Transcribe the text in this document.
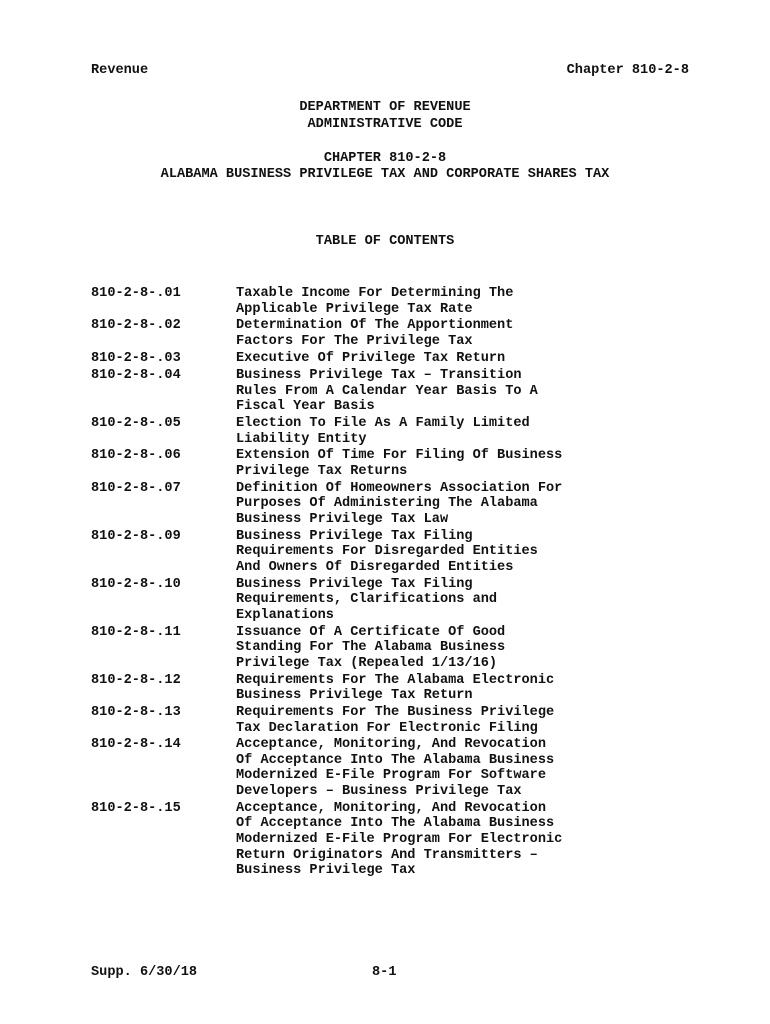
Revenue	Chapter 810-2-8
DEPARTMENT OF REVENUE
ADMINISTRATIVE CODE
CHAPTER 810-2-8
ALABAMA BUSINESS PRIVILEGE TAX AND CORPORATE SHARES TAX
TABLE OF CONTENTS
810-2-8-.01	Taxable Income For Determining The
Applicable Privilege Tax Rate
810-2-8-.02	Determination Of The Apportionment
Factors For The Privilege Tax
810-2-8-.03	Executive Of Privilege Tax Return
810-2-8-.04	Business Privilege Tax – Transition
Rules From A Calendar Year Basis To A
Fiscal Year Basis
810-2-8-.05	Election To File As A Family Limited
Liability Entity
810-2-8-.06	Extension Of Time For Filing Of Business
Privilege Tax Returns
810-2-8-.07	Definition Of Homeowners Association For
Purposes Of Administering The Alabama
Business Privilege Tax Law
810-2-8-.09	Business Privilege Tax Filing
Requirements For Disregarded Entities
And Owners Of Disregarded Entities
810-2-8-.10	Business Privilege Tax Filing
Requirements, Clarifications and
Explanations
810-2-8-.11	Issuance Of A Certificate Of Good
Standing For The Alabama Business
Privilege Tax (Repealed 1/13/16)
810-2-8-.12	Requirements For The Alabama Electronic
Business Privilege Tax Return
810-2-8-.13	Requirements For The Business Privilege
Tax Declaration For Electronic Filing
810-2-8-.14	Acceptance, Monitoring, And Revocation
Of Acceptance Into The Alabama Business
Modernized E-File Program For Software
Developers – Business Privilege Tax
810-2-8-.15	Acceptance, Monitoring, And Revocation
Of Acceptance Into The Alabama Business
Modernized E-File Program For Electronic
Return Originators And Transmitters –
Business Privilege Tax
Supp. 6/30/18	8-1
